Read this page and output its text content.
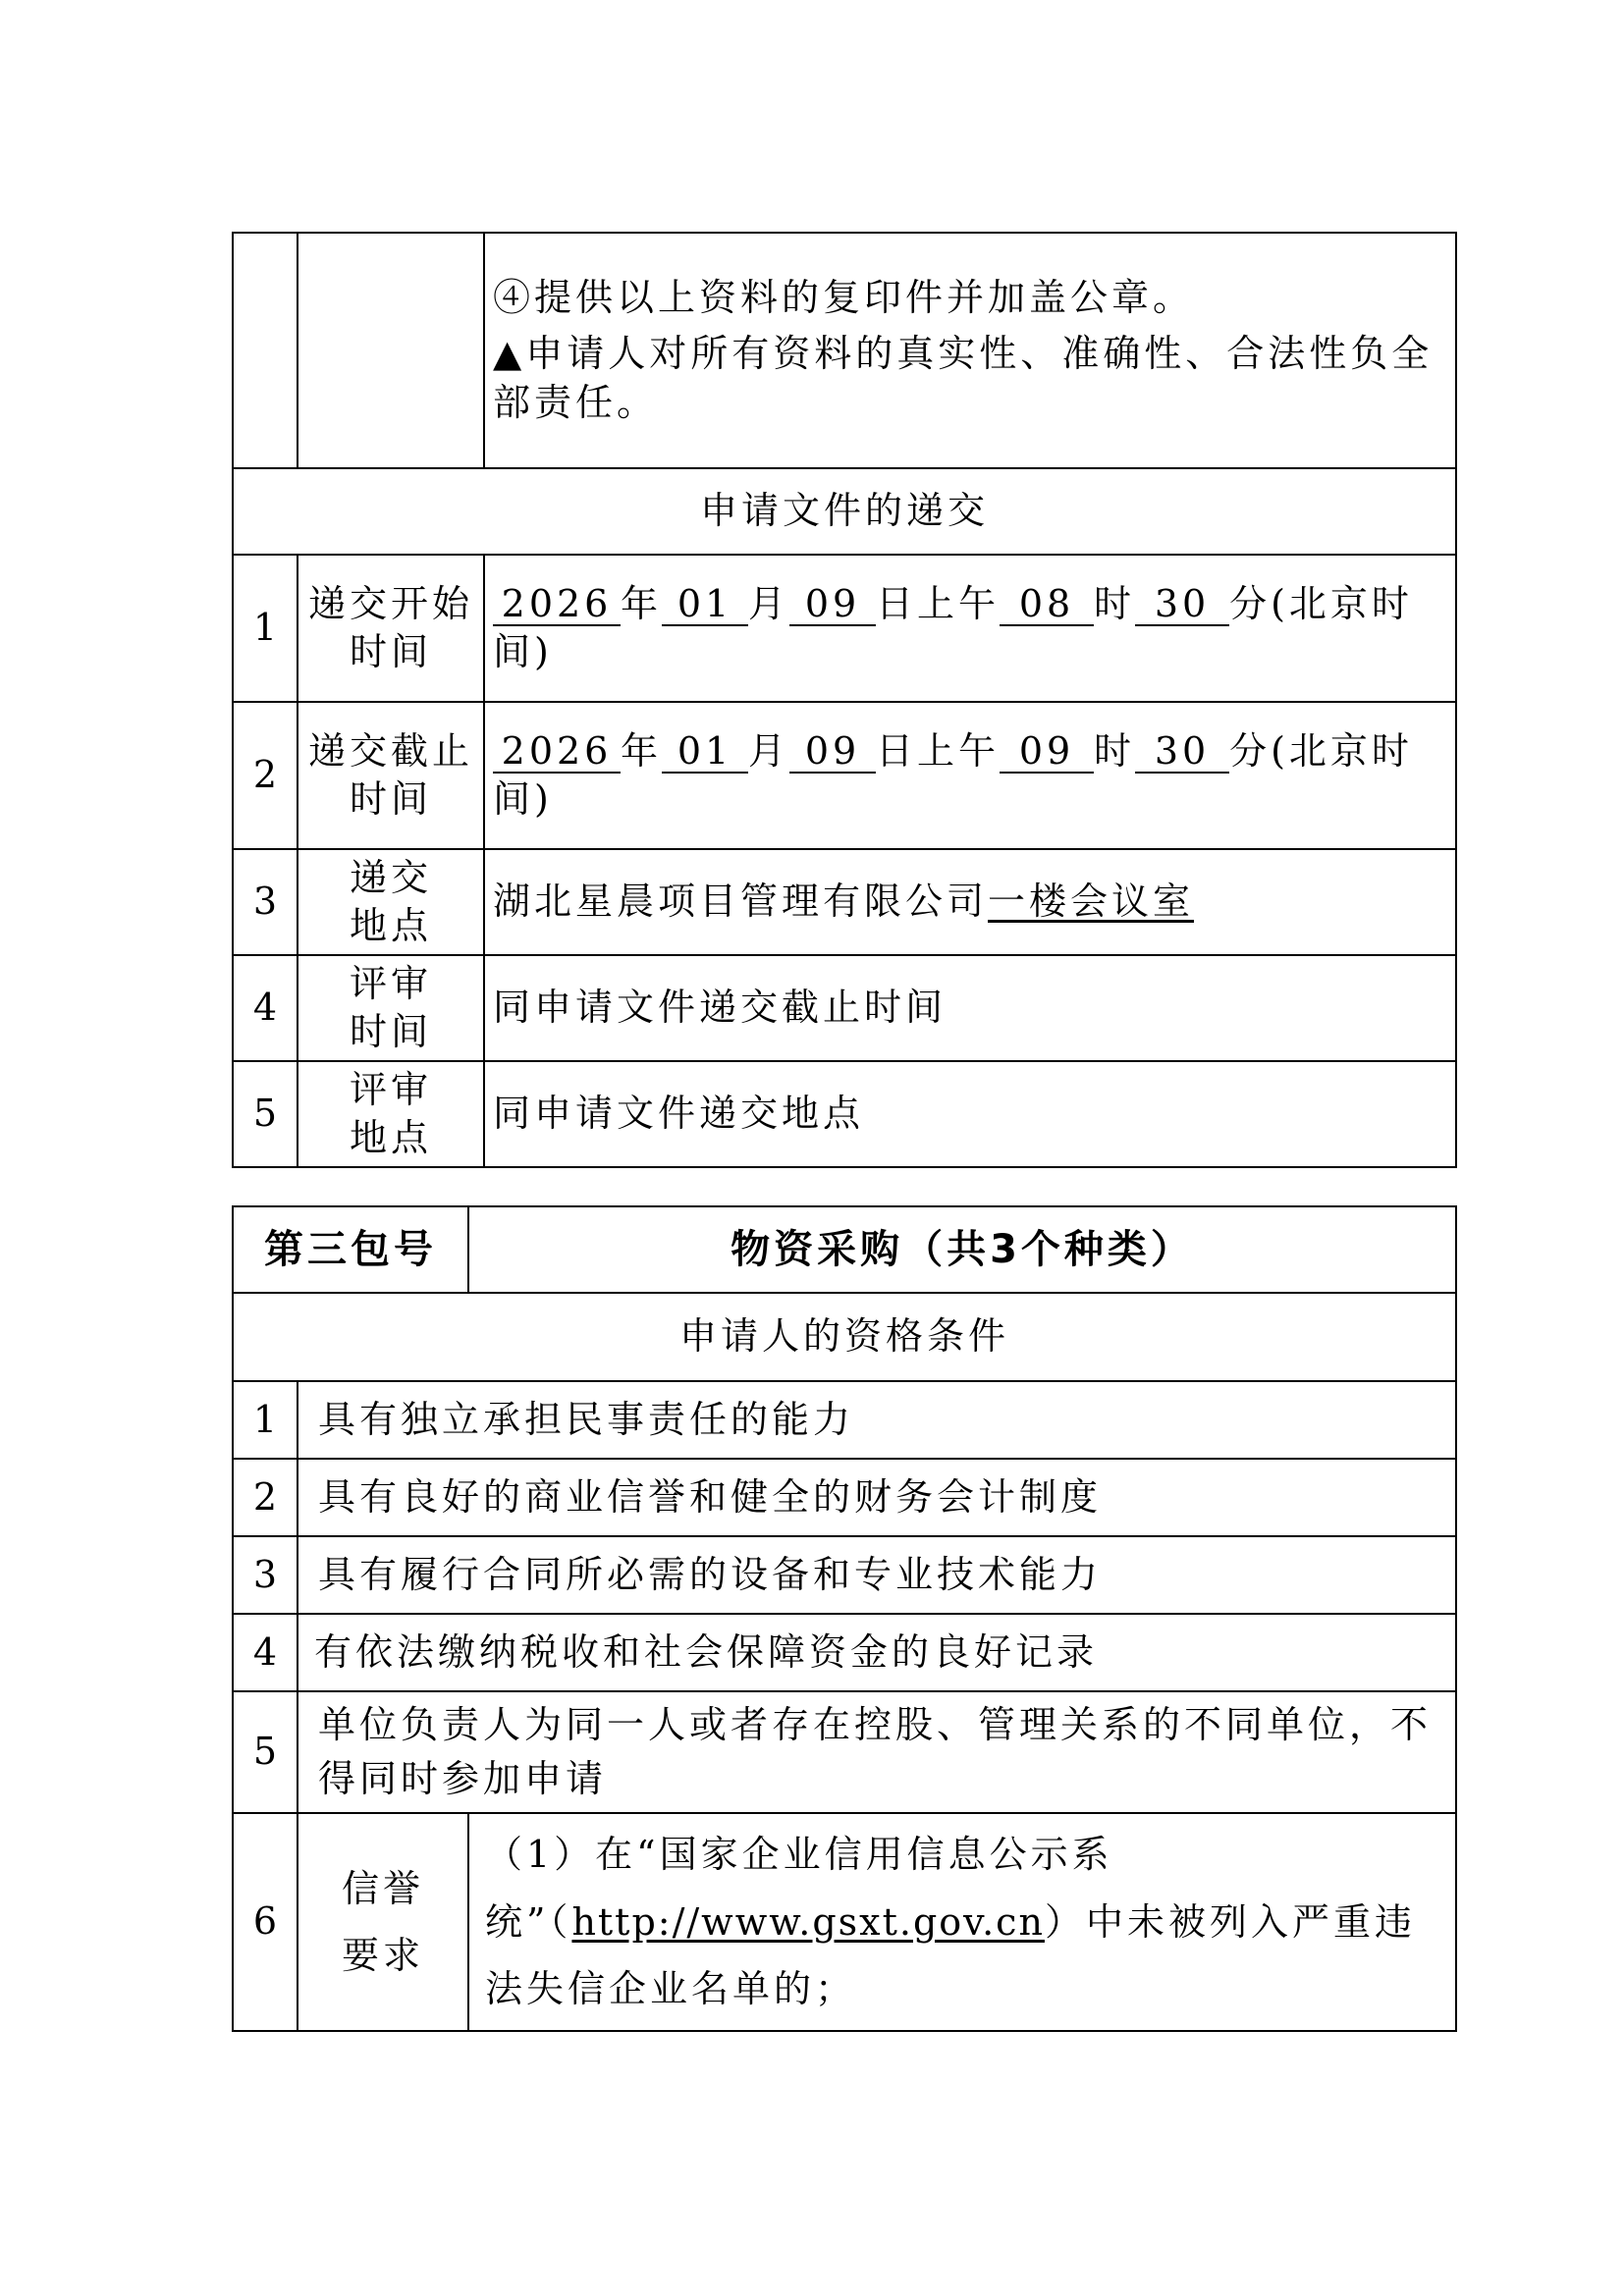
		④提供以上资料的复印件并加盖公章。
▲申请人对所有资料的真实性、准确性、合法性负全部责任。

申请文件的递交		
1	递交开始时间	2026 年 01 月 09 日上午 08 时 30 分(北京时间)
2	递交截止时间	2026 年 01 月 09 日上午 09 时 30 分(北京时间)
3	递交地点	湖北星晨项目管理有限公司一楼会议室
4	评审时间	同申请文件递交截止时间
5	评审地点	同申请文件递交地点
第三包号		物资采购（共3个种类）
申请人的资格条件		
1	具有独立承担民事责任的能力	
2	具有良好的商业信誉和健全的财务会计制度	
3	具有履行合同所必需的设备和专业技术能力	
4	有依法缴纳税收和社会保障资金的良好记录	
5	单位负责人为同一人或者存在控股、管理关系的不同单位，不得同时参加申请	
6	信誉要求	（1）在“国家企业信用信息公示系统”（http://www.gsxt.gov.cn）中未被列入严重违法失信企业名单的；
